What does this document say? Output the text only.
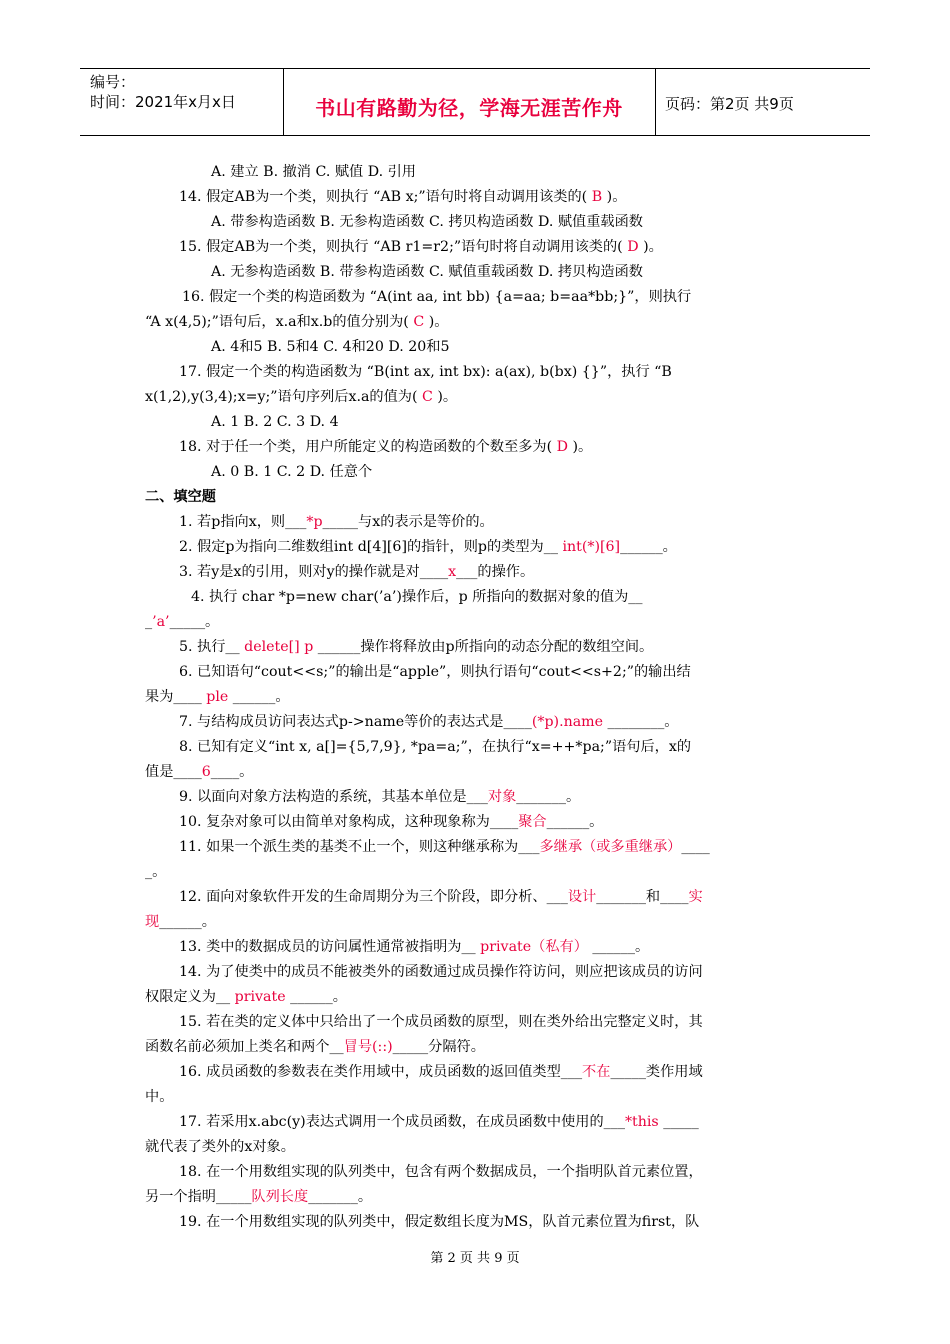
编号：
时间：2021年x月x日	书山有路勤为径，学海无涯苦作舟	页码：第2页 共9页
A. 建立 B. 撤消 C. 赋值 D. 引用
14. 假定AB为一个类，则执行 “AB x;”语句时将自动调用该类的( B )。
A. 带参构造函数 B. 无参构造函数 C. 拷贝构造函数 D. 赋值重载函数
15. 假定AB为一个类，则执行 “AB r1=r2;”语句时将自动调用该类的( D )。
A. 无参构造函数 B. 带参构造函数 C. 赋值重载函数 D. 拷贝构造函数
16. 假定一个类的构造函数为 “A(int aa, int bb) {a=aa; b=aa*bb;}”，则执行
“A x(4,5);”语句后，x.a和x.b的值分别为( C )。
A. 4和5 B. 5和4 C. 4和20 D. 20和5
17. 假定一个类的构造函数为 “B(int ax, int bx): a(ax), b(bx) {}”，执行 “B
x(1,2),y(3,4);x=y;”语句序列后x.a的值为( C )。
A. 1 B. 2 C. 3 D. 4
18. 对于任一个类，用户所能定义的构造函数的个数至多为( D )。
A. 0 B. 1 C. 2 D. 任意个
二、填空题
1. 若p指向x，则___*p_____与x的表示是等价的。
2. 假定p为指向二维数组int d[4][6]的指针，则p的类型为__ int(*)[6]______。
3. 若y是x的引用，则对y的操作就是对____x___的操作。
4. 执行 char *p=new char(’a’)操作后，p 所指向的数据对象的值为__
_’a’_____。
5. 执行__ delete[] p ______操作将释放由p所指向的动态分配的数组空间。
6. 已知语句“cout<<s;”的输出是“apple”，则执行语句“cout<<s+2;”的输出结
果为____ ple ______。
7. 与结构成员访问表达式p->name等价的表达式是____(*p).name ________。
8. 已知有定义“int x, a[]={5,7,9}, *pa=a;”，在执行“x=++*pa;”语句后，x的
值是____6____。
9. 以面向对象方法构造的系统，其基本单位是___对象_______。
10. 复杂对象可以由简单对象构成，这种现象称为____聚合______。
11. 如果一个派生类的基类不止一个，则这种继承称为___多继承（或多重继承）____
_。
12. 面向对象软件开发的生命周期分为三个阶段，即分析、___设计_______和____实
现______。
13. 类中的数据成员的访问属性通常被指明为__ private（私有） ______。
14. 为了使类中的成员不能被类外的函数通过成员操作符访问，则应把该成员的访问
权限定义为__ private ______。
15. 若在类的定义体中只给出了一个成员函数的原型，则在类外给出完整定义时，其
函数名前必须加上类名和两个__冒号(::)_____分隔符。
16. 成员函数的参数表在类作用域中，成员函数的返回值类型___不在_____类作用域
中。
17. 若采用x.abc(y)表达式调用一个成员函数，在成员函数中使用的___*this _____
就代表了类外的x对象。
18. 在一个用数组实现的队列类中，包含有两个数据成员，一个指明队首元素位置，
另一个指明_____队列长度_______。
19. 在一个用数组实现的队列类中，假定数组长度为MS，队首元素位置为first，队
第 2 页 共 9 页
